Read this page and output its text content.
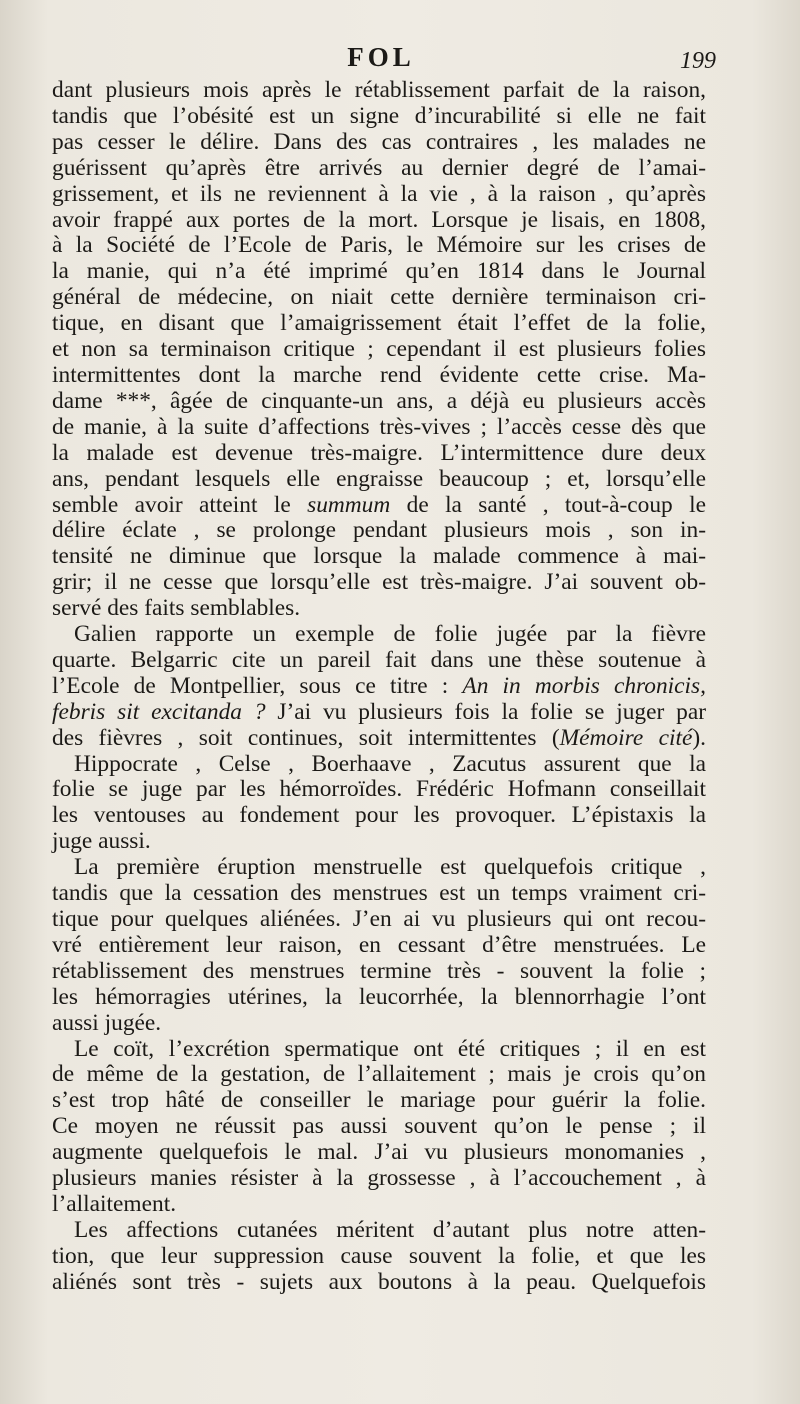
FOL	199
dant plusieurs mois après le rétablissement parfait de la raison,
tandis que l’obésité est un signe d’incurabilité si elle ne fait
pas cesser le délire. Dans des cas contraires , les malades ne
guérissent qu’après être arrivés au dernier degré de l’amai-
grissement, et ils ne reviennent à la vie , à la raison , qu’après
avoir frappé aux portes de la mort. Lorsque je lisais, en 1808,
à la Société de l’Ecole de Paris, le Mémoire sur les crises de
la manie, qui n’a été imprimé qu’en 1814 dans le Journal
général de médecine, on niait cette dernière terminaison cri-
tique, en disant que l’amaigrissement était l’effet de la folie,
et non sa terminaison critique ; cependant il est plusieurs folies
intermittentes dont la marche rend évidente cette crise. Ma-
dame ***, âgée de cinquante-un ans, a déjà eu plusieurs accès
de manie, à la suite d’affections très-vives ; l’accès cesse dès que
la malade est devenue très-maigre. L’intermittence dure deux
ans, pendant lesquels elle engraisse beaucoup ; et, lorsqu’elle
semble avoir atteint le summum de la santé , tout-à-coup le
délire éclate , se prolonge pendant plusieurs mois , son in-
tensité ne diminue que lorsque la malade commence à mai-
grir; il ne cesse que lorsqu’elle est très-maigre. J’ai souvent ob-
servé des faits semblables.
Galien rapporte un exemple de folie jugée par la fièvre
quarte. Belgarric cite un pareil fait dans une thèse soutenue à
l’Ecole de Montpellier, sous ce titre : An in morbis chronicis,
febris sit excitanda ? J’ai vu plusieurs fois la folie se juger par
des fièvres , soit continues, soit intermittentes (Mémoire cité).
Hippocrate , Celse , Boerhaave , Zacutus assurent que la
folie se juge par les hémorroïdes. Frédéric Hofmann conseillait
les ventouses au fondement pour les provoquer. L’épistaxis la
juge aussi.
La première éruption menstruelle est quelquefois critique ,
tandis que la cessation des menstrues est un temps vraiment cri-
tique pour quelques aliénées. J’en ai vu plusieurs qui ont recou-
vré entièrement leur raison, en cessant d’être menstruées. Le
rétablissement des menstrues termine très - souvent la folie ;
les hémorragies utérines, la leucorrhée, la blennorrhagie l’ont
aussi jugée.
Le coït, l’excrétion spermatique ont été critiques ; il en est
de même de la gestation, de l’allaitement ; mais je crois qu’on
s’est trop hâté de conseiller le mariage pour guérir la folie.
Ce moyen ne réussit pas aussi souvent qu’on le pense ; il
augmente quelquefois le mal. J’ai vu plusieurs monomanies ,
plusieurs manies résister à la grossesse , à l’accouchement , à
l’allaitement.
Les affections cutanées méritent d’autant plus notre atten-
tion, que leur suppression cause souvent la folie, et que les
aliénés sont très - sujets aux boutons à la peau. Quelquefois
